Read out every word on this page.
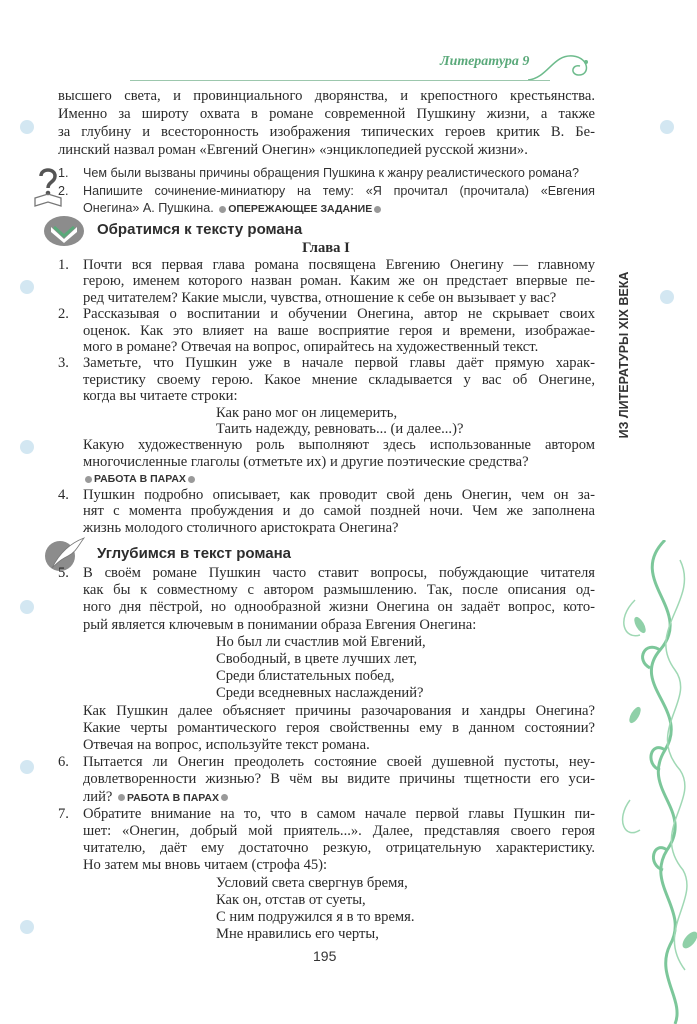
Литература 9
ИЗ ЛИТЕРАТУРЫ XIX ВЕКА
высшего света, и провинциального дворянства, и крепостного крестьянства.
Именно за широту охвата в романе современной Пушкину жизни, а также
за глубину и всесторонность изображения типических героев критик В. Бе-
линский назвал роман «Евгений Онегин» «энциклопедией русской жизни».
Чем были вызваны причины обращения Пушкина к жанру реалистического романа?
1.
Напишите сочинение-миниатюру на тему: «Я прочитал (прочитала) «Евгения
2.
Онегина» А. Пушкина. ОПЕРЕЖАЮЩЕЕ ЗАДАНИЕ
Обратимся к тексту романа
Глава I
Почти вся первая глава романа посвящена Евгению Онегину — главному
1.
герою, именем которого назван роман. Каким же он предстает впервые пе-
ред читателем? Какие мысли, чувства, отношение к себе он вызывает у вас?
Рассказывая о воспитании и обучении Онегина, автор не скрывает своих
2.
оценок. Как это влияет на ваше восприятие героя и времени, изображае-
мого в романе? Отвечая на вопрос, опирайтесь на художественный текст.
Заметьте, что Пушкин уже в начале первой главы даёт прямую харак-
3.
теристику своему герою. Какое мнение складывается у вас об Онегине,
когда вы читаете строки:
Как рано мог он лицемерить,
Таить надежду, ревновать... (и далее...)?
Какую художественную роль выполняют здесь использованные автором
многочисленные глаголы (отметьте их) и другие поэтические средства?
РАБОТА В ПАРАХ
Пушкин подробно описывает, как проводит свой день Онегин, чем он за-
4.
нят с момента пробуждения и до самой поздней ночи. Чем же заполнена
жизнь молодого столичного аристократа Онегина?
Углубимся в текст романа
В своём романе Пушкин часто ставит вопросы, побуждающие читателя
5.
как бы к совместному с автором размышлению. Так, после описания од-
ного дня пёстрой, но однообразной жизни Онегина он задаёт вопрос, кото-
рый является ключевым в понимании образа Евгения Онегина:
Но был ли счастлив мой Евгений,
Свободный, в цвете лучших лет,
Среди блистательных побед,
Среди вседневных наслаждений?
Как Пушкин далее объясняет причины разочарования и хандры Онегина?
Какие черты романтического героя свойственны ему в данном состоянии?
Отвечая на вопрос, используйте текст романа.
Пытается ли Онегин преодолеть состояние своей душевной пустоты, неу-
6.
довлетворенности жизнью? В чём вы видите причины тщетности его уси-
лий? РАБОТА В ПАРАХ
Обратите внимание на то, что в самом начале первой главы Пушкин пи-
7.
шет: «Онегин, добрый мой приятель...». Далее, представляя своего героя
читателю, даёт ему достаточно резкую, отрицательную характеристику.
Но затем мы вновь читаем (строфа 45):
Условий света свергнув бремя,
Как он, отстав от суеты,
С ним подружился я в то время.
Мне нравились его черты,
195
